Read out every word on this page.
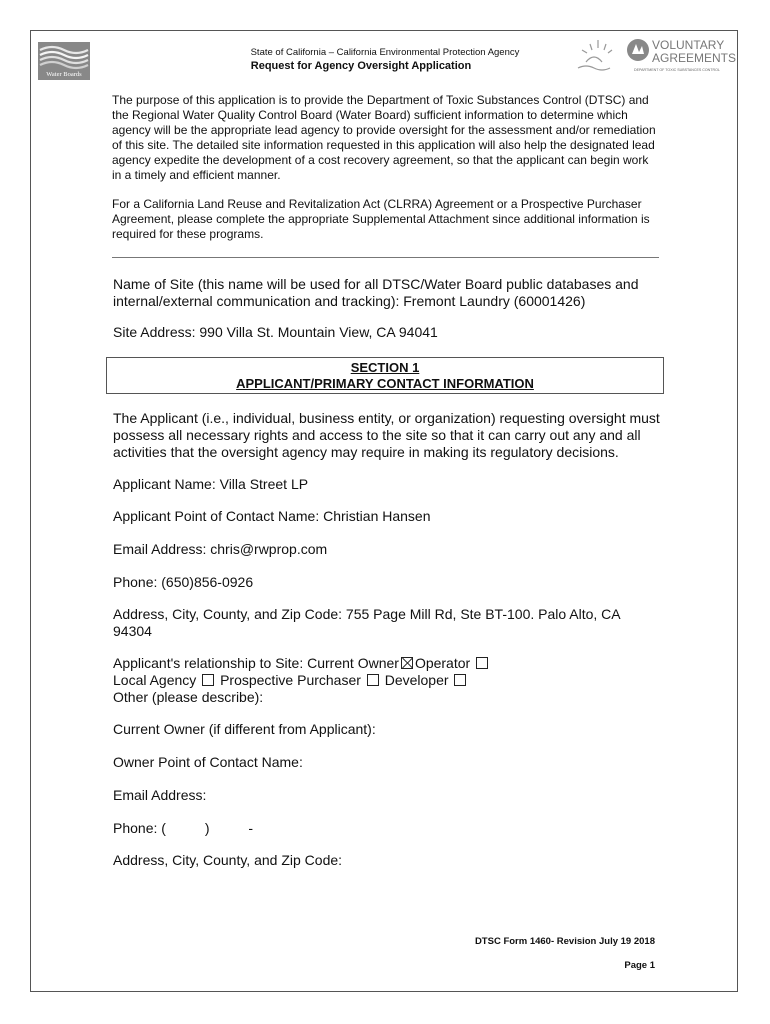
Water Boards
State of California – California Environmental Protection Agency
Request for Agency Oversight Application
VOLUNTARY
AGREEMENTS
DEPARTMENT OF TOXIC SUBSTANCES CONTROL
The purpose of this application is to provide the Department of Toxic Substances Control (DTSC) and the Regional Water Quality Control Board (Water Board) sufficient information to determine which agency will be the appropriate lead agency to provide oversight for the assessment and/or remediation of this site. The detailed site information requested in this application will also help the designated lead agency expedite the development of a cost recovery agreement, so that the applicant can begin work in a timely and efficient manner.
For a California Land Reuse and Revitalization Act (CLRRA) Agreement or a Prospective Purchaser Agreement, please complete the appropriate Supplemental Attachment since additional information is required for these programs.
Name of Site (this name will be used for all DTSC/Water Board public databases and internal/external communication and tracking): Fremont Laundry (60001426)
Site Address: 990 Villa St. Mountain View, CA 94041
SECTION 1
APPLICANT/PRIMARY CONTACT INFORMATION
The Applicant (i.e., individual, business entity, or organization) requesting oversight must possess all necessary rights and access to the site so that it can carry out any and all activities that the oversight agency may require in making its regulatory decisions.
Applicant Name: Villa Street LP
Applicant Point of Contact Name: Christian Hansen
Email Address: chris@rwprop.com
Phone: (650)856-0926
Address, City, County, and Zip Code: 755 Page Mill Rd, Ste BT-100. Palo Alto, CA 94304
Applicant's relationship to Site: Current Owner Operator
Local Agency Prospective Purchaser Developer
Other (please describe):
Current Owner (if different from Applicant):
Owner Point of Contact Name:
Email Address:
Phone: (          )          -
Address, City, County, and Zip Code:
DTSC Form 1460- Revision July 19 2018
Page 1
